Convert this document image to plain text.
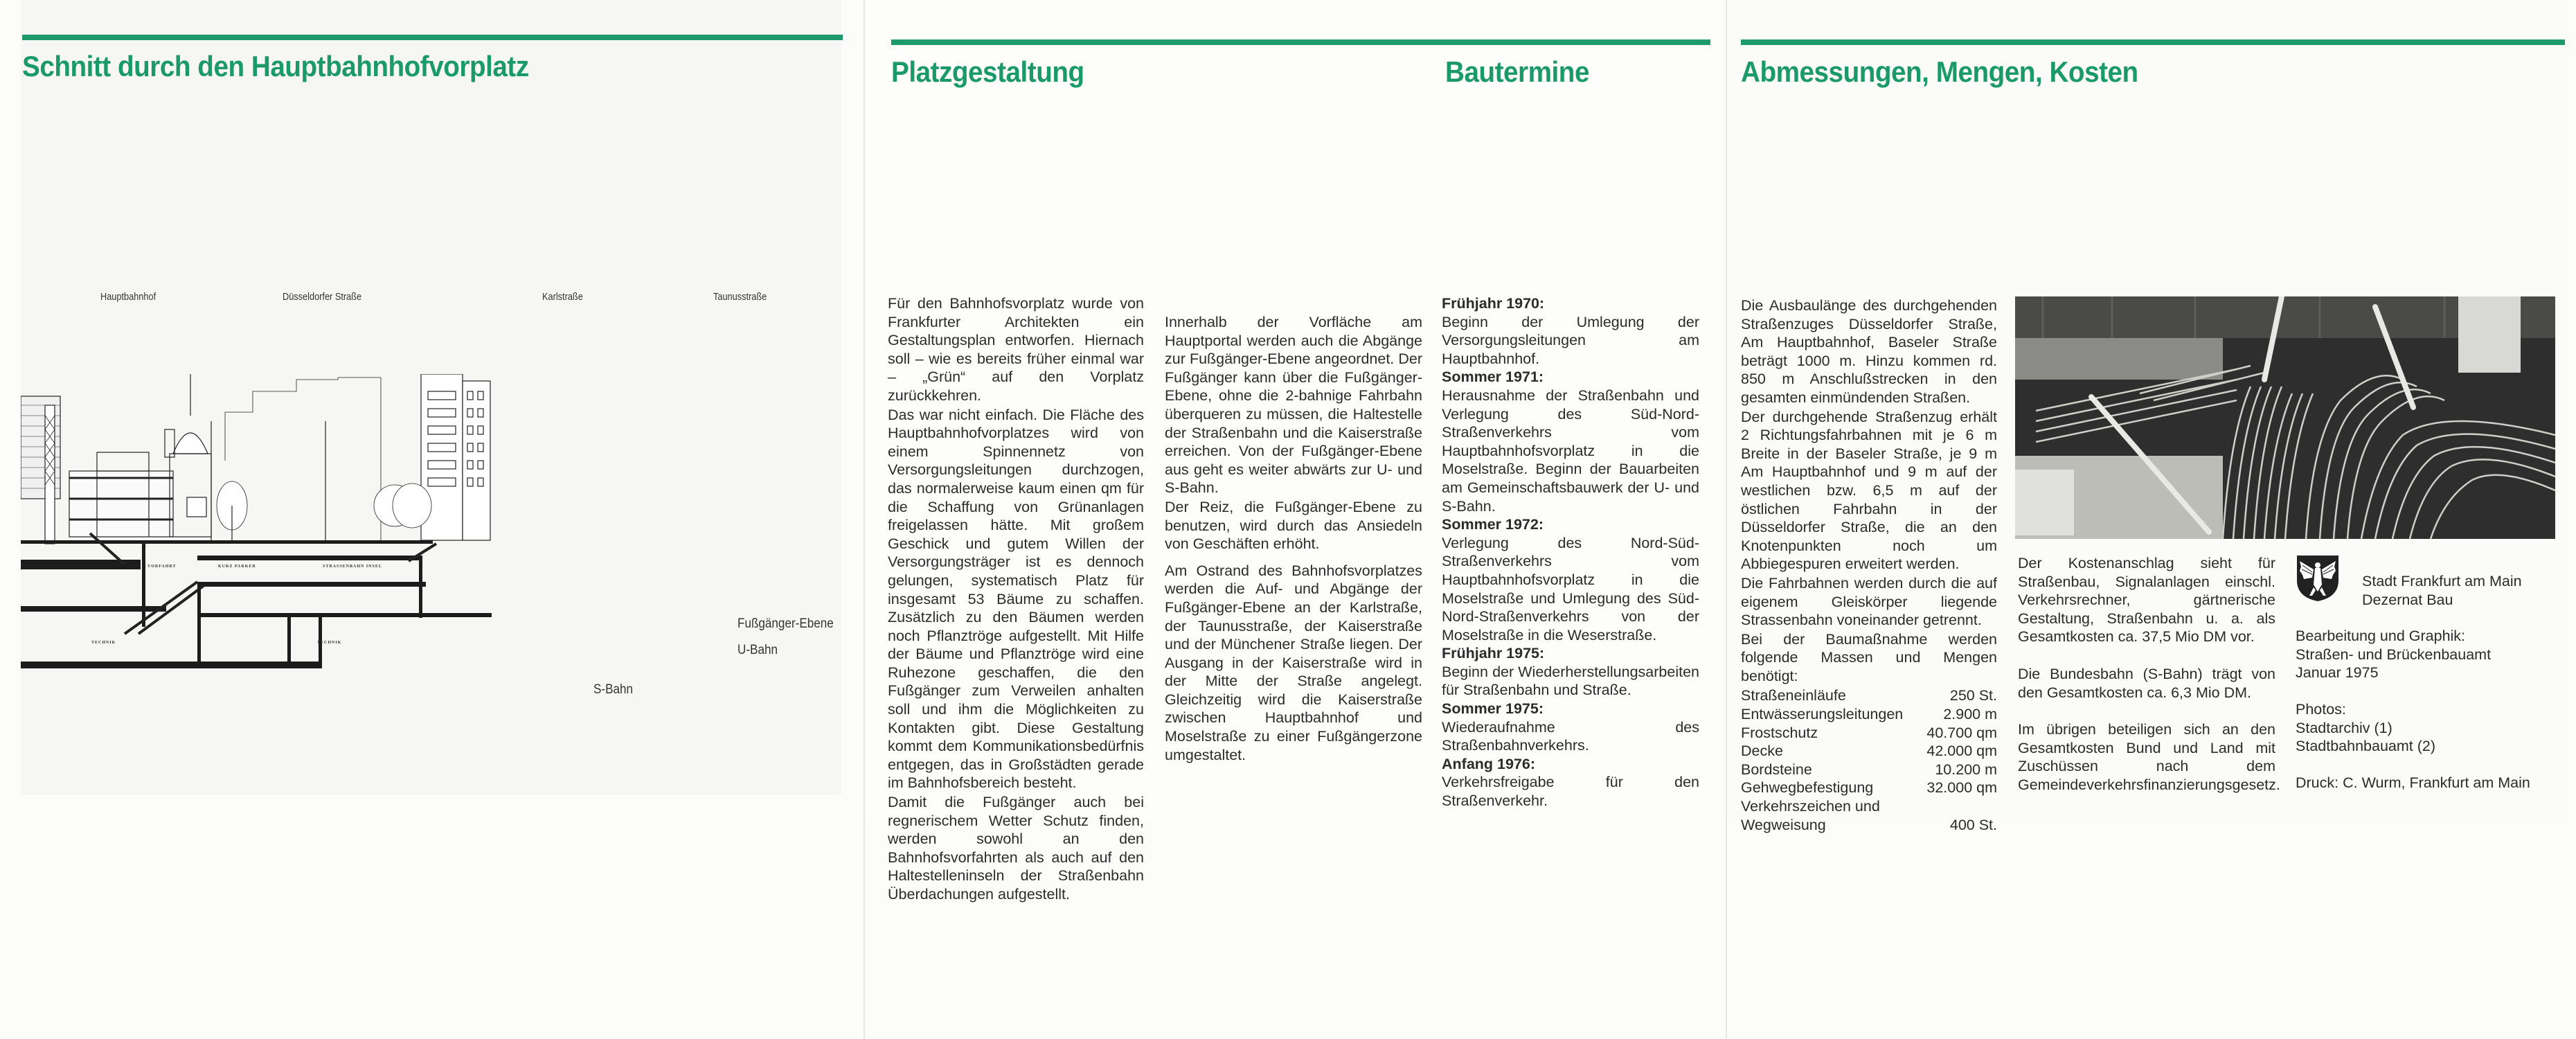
Schnitt durch den Hauptbahnhofvorplatz
Hauptbahnhof	Düsseldorfer Straße	Karlstraße	Taunusstraße
VORFAHRT	KURZ PARKER	STRASSENBAHN INSEL
TECHNIK	TECHNIK
Fußgänger-Ebene
U-Bahn
S-Bahn
Platzgestaltung	Bautermine

Für den Bahnhofsvorplatz wurde von Frankfurter Architekten ein Gestaltungsplan entworfen. Hiernach soll – wie es bereits früher einmal war – „Grün“ auf den Vorplatz zurückkehren.

Das war nicht einfach. Die Fläche des Hauptbahnhofvorplatzes wird von einem Spinnennetz von Versorgungsleitungen durchzogen, das normalerweise kaum einen qm für die Schaffung von Grünanlagen freigelassen hätte. Mit großem Geschick und gutem Willen der Versorgungsträger ist es dennoch gelungen, systematisch Platz für insgesamt 53 Bäume zu schaffen. Zusätzlich zu den Bäumen werden noch Pflanztröge aufgestellt. Mit Hilfe der Bäume und Pflanztröge wird eine Ruhezone geschaffen, die den Fußgänger zum Verweilen anhalten soll und ihm die Möglichkeiten zu Kontakten gibt. Diese Gestaltung kommt dem Kommunikationsbedürfnis entgegen, das in Großstädten gerade im Bahnhofsbereich besteht.

Damit die Fußgänger auch bei regnerischem Wetter Schutz finden, werden sowohl an den Bahnhofsvorfahrten als auch auf den Haltestelleninseln der Straßenbahn Überdachungen aufgestellt.

Innerhalb der Vorfläche am Hauptportal werden auch die Abgänge zur Fußgänger-Ebene angeordnet. Der Fußgänger kann über die Fußgänger-Ebene, ohne die 2-bahnige Fahrbahn überqueren zu müssen, die Haltestelle der Straßenbahn und die Kaiserstraße erreichen. Von der Fußgänger-Ebene aus geht es weiter abwärts zur U- und S-Bahn.

Der Reiz, die Fußgänger-Ebene zu benutzen, wird durch das Ansiedeln von Geschäften erhöht.

Am Ostrand des Bahnhofsvorplatzes werden die Auf- und Abgänge der Fußgänger-Ebene an der Karlstraße, der Taunusstraße, der Kaiserstraße und der Münchener Straße liegen. Der Ausgang in der Kaiserstraße wird in der Mitte der Straße angelegt. Gleichzeitig wird die Kaiserstraße zwischen Hauptbahnhof und Moselstraße zu einer Fußgängerzone umgestaltet.

Frühjahr 1970:

Beginn der Umlegung der Versorgungsleitungen am Hauptbahnhof.

Sommer 1971:

Herausnahme der Straßenbahn und Verlegung des Süd-Nord-Straßenverkehrs vom Hauptbahnhofsvorplatz in die Moselstraße. Beginn der Bauarbeiten am Gemeinschaftsbauwerk der U- und S-Bahn.

Sommer 1972:

Verlegung des Nord-Süd-Straßenverkehrs vom Hauptbahnhofsvorplatz in die Moselstraße und Umlegung des Süd-Nord-Straßenverkehrs von der Moselstraße in die Weserstraße.

Frühjahr 1975:

Beginn der Wiederherstellungsarbeiten für Straßenbahn und Straße.

Sommer 1975:

Wiederaufnahme des Straßenbahnverkehrs.

Anfang 1976:

Verkehrsfreigabe für den Straßenverkehr.

Abmessungen, Mengen, Kosten

Die Ausbaulänge des durchgehenden Straßenzuges Düsseldorfer Straße, Am Hauptbahnhof, Baseler Straße beträgt 1000 m. Hinzu kommen rd. 850 m Anschlußstrecken in den gesamten einmündenden Straßen.

Der durchgehende Straßenzug erhält 2 Richtungsfahrbahnen mit je 6 m Breite in der Baseler Straße, je 9 m Am Hauptbahnhof und 9 m auf der westlichen bzw. 6,5 m auf der östlichen Fahrbahn in der Düsseldorfer Straße, die an den Knotenpunkten noch um Abbiegespuren erweitert werden.

Die Fahrbahnen werden durch die auf eigenem Gleiskörper liegende Strassenbahn voneinander getrennt.

Bei der Baumaßnahme werden folgende Massen und Mengen benötigt:

Straßeneinläufe	250 St.
Entwässerungsleitungen	2.900 m
Frostschutz	40.700 qm
Decke	42.000 qm
Bordsteine	10.200 m
Gehwegbefestigung	32.000 qm
Verkehrszeichen und	
Wegweisung	400 St.

Der Kostenanschlag sieht für Straßenbau, Signalanlagen einschl. Verkehrsrechner, gärtnerische Gestaltung, Straßenbahn u. a. als Gesamtkosten ca. 37,5 Mio DM vor.

Die Bundesbahn (S-Bahn) trägt von den Gesamtkosten ca. 6,3 Mio DM.

Im übrigen beteiligen sich an den Gesamtkosten Bund und Land mit Zuschüssen nach dem Gemeindeverkehrsfinanzierungsgesetz.

Stadt Frankfurt am Main

Dezernat Bau

Bearbeitung und Graphik:

Straßen- und Brückenbauamt

Januar 1975

Photos:

Stadtarchiv (1)

Stadtbahnbauamt (2)

Druck: C. Wurm, Frankfurt am Main
